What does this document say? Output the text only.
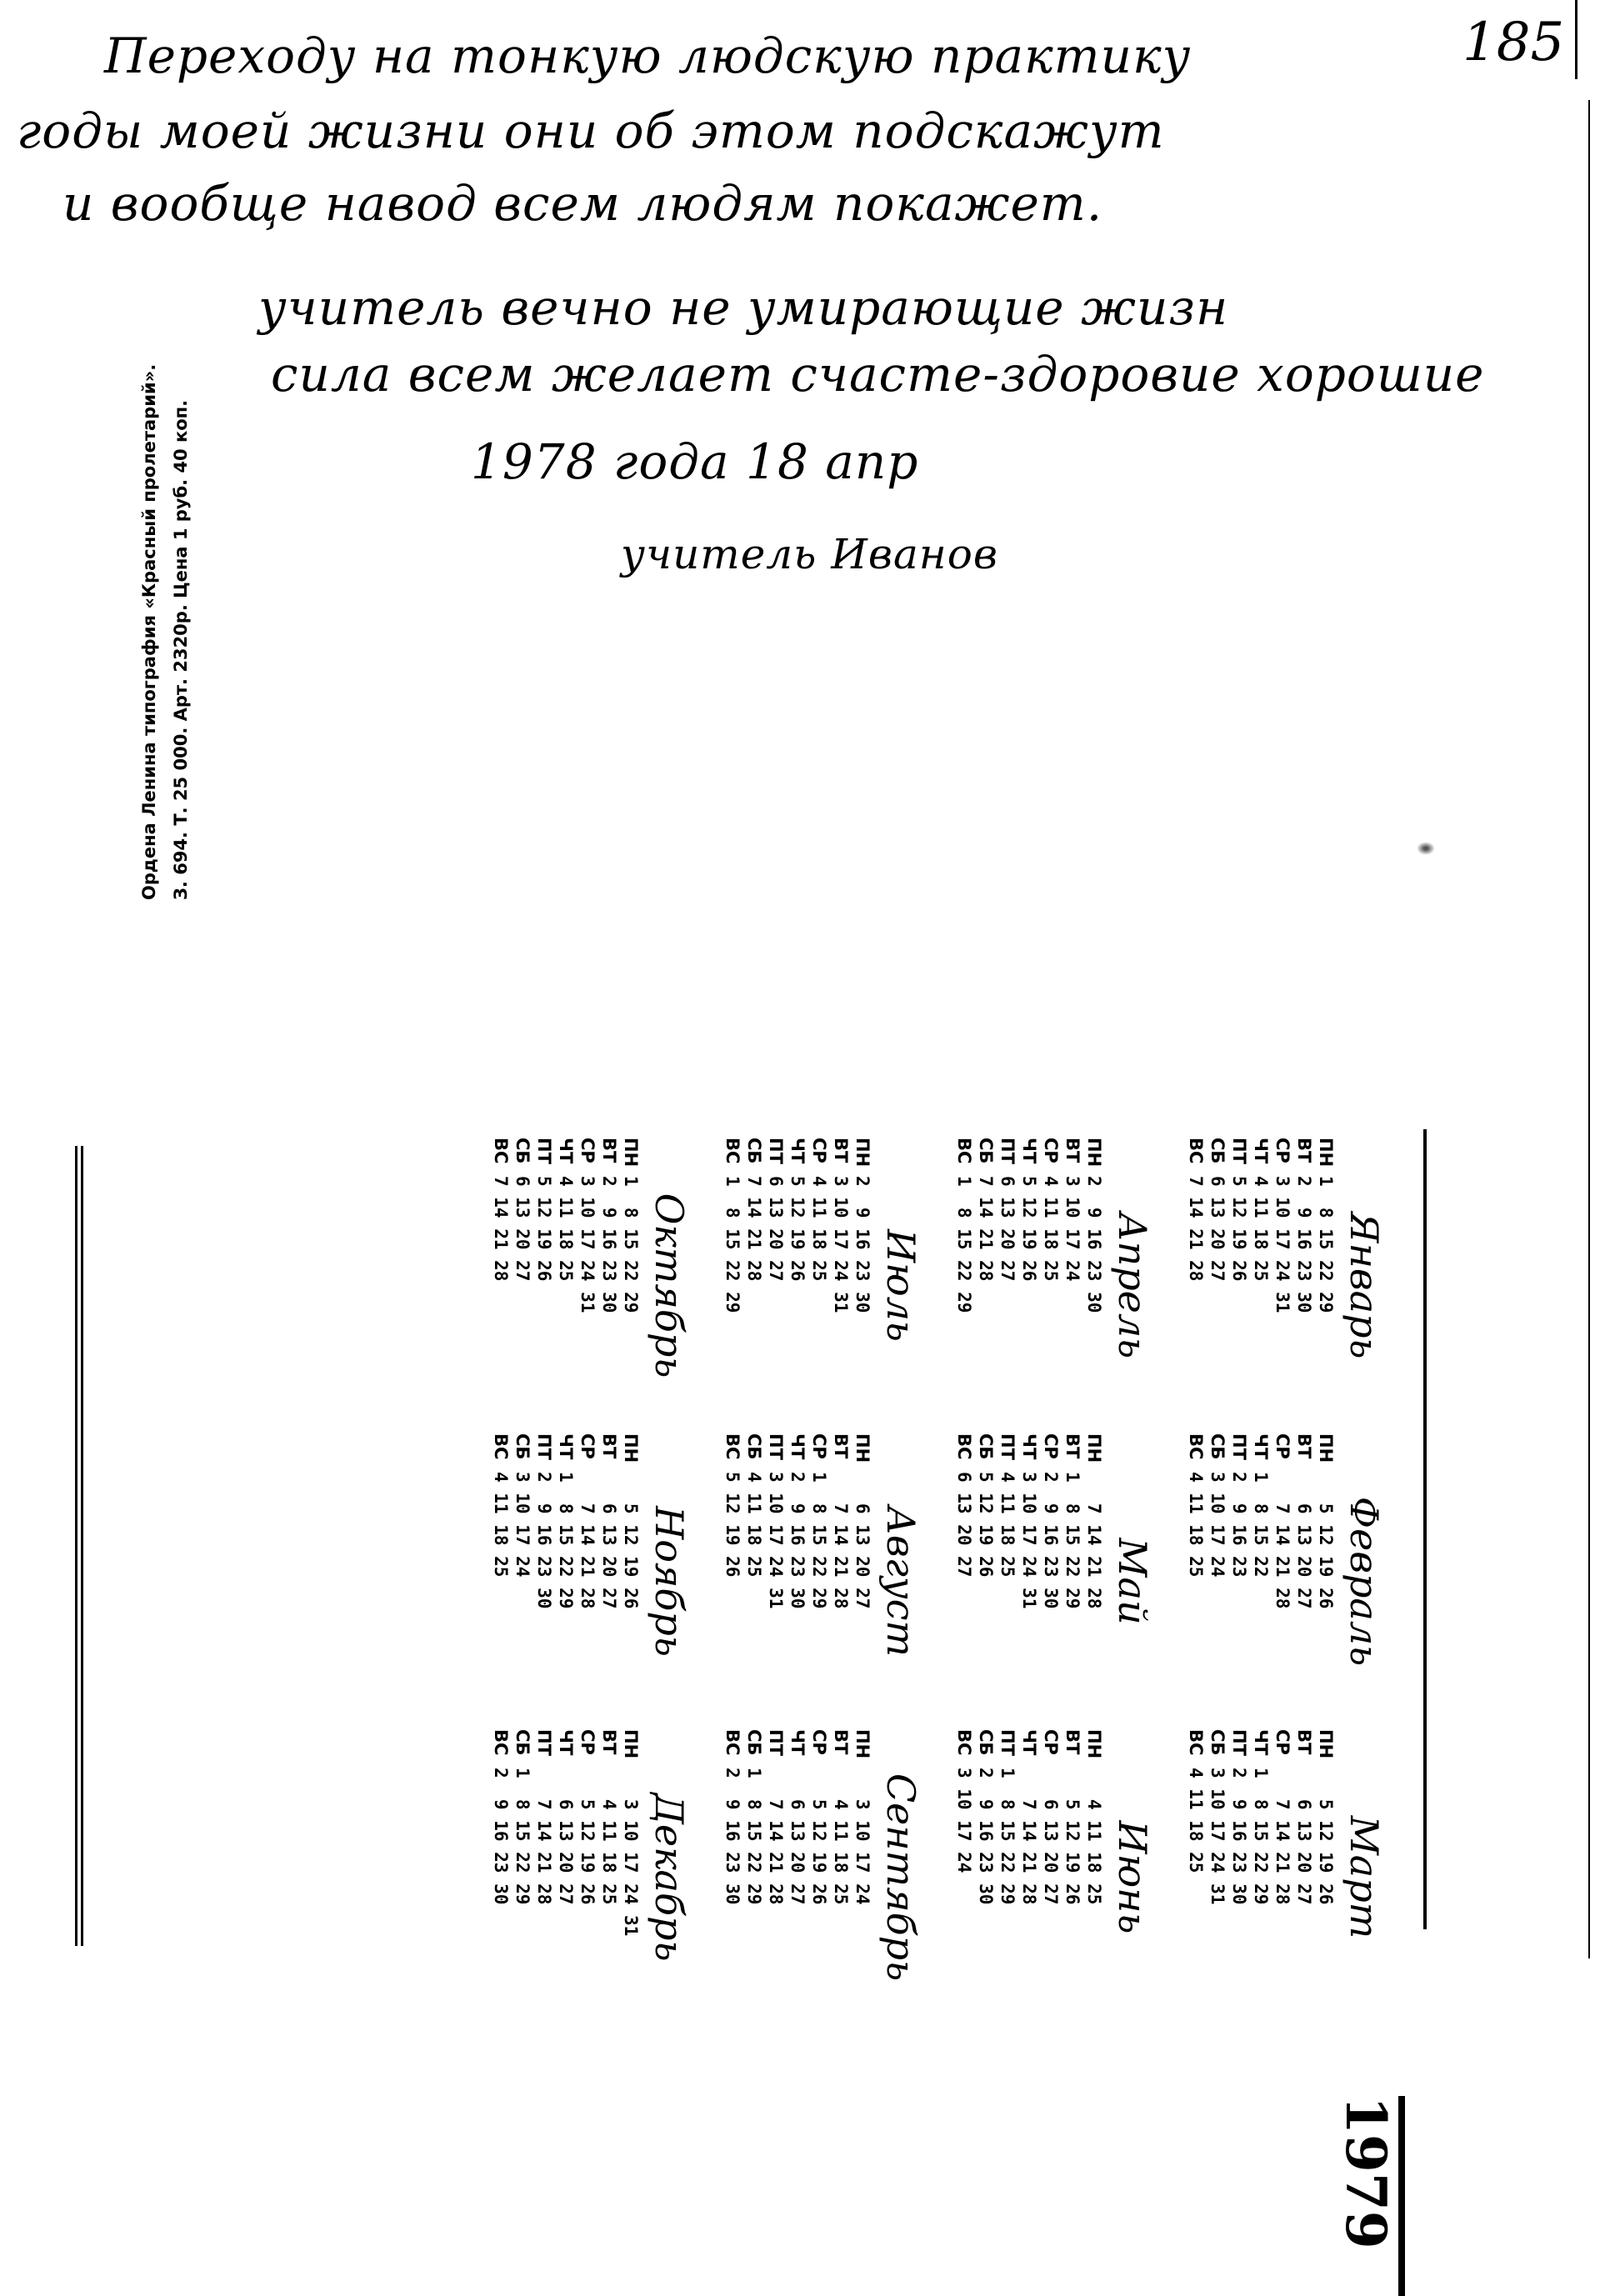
185
Переходу на тонкую людскую практику
годы моей жизни они об этом подскажут
и вообще навод всем людям покажет.
учитель вечно не умирающие жизн
сила всем желает счасте-здоровие хорошие
1978 года 18 апр
учитель Иванов
Ордена Ленина типография «Красный пролетарий». З. 694. Т. 25 000. Арт. 2320р. Цена 1 руб. 40 коп.
1979
Январь
ПН
1  8 15 22 29
ВТ
2  9 16 23 30
СР
3 10 17 24 31
ЧТ
4 11 18 25
ПТ
5 12 19 26
СБ
6 13 20 27
ВС
7 14 21 28
Февраль
ПН
5 12 19 26
ВТ
6 13 20 27
СР
7 14 21 28
ЧТ
1  8 15 22
ПТ
2  9 16 23
СБ
3 10 17 24
ВС
4 11 18 25
Март
ПН
5 12 19 26
ВТ
6 13 20 27
СР
7 14 21 28
ЧТ
1  8 15 22 29
ПТ
2  9 16 23 30
СБ
3 10 17 24 31
ВС
4 11 18 25
Апрель
ПН
2  9 16 23 30
ВТ
3 10 17 24
СР
4 11 18 25
ЧТ
5 12 19 26
ПТ
6 13 20 27
СБ
7 14 21 28
ВС
1  8 15 22 29
Май
ПН
7 14 21 28
ВТ
1  8 15 22 29
СР
2  9 16 23 30
ЧТ
3 10 17 24 31
ПТ
4 11 18 25
СБ
5 12 19 26
ВС
6 13 20 27
Июнь
ПН
4 11 18 25
ВТ
5 12 19 26
СР
6 13 20 27
ЧТ
7 14 21 28
ПТ
1  8 15 22 29
СБ
2  9 16 23 30
ВС
3 10 17 24
Июль
ПН
2  9 16 23 30
ВТ
3 10 17 24 31
СР
4 11 18 25
ЧТ
5 12 19 26
ПТ
6 13 20 27
СБ
7 14 21 28
ВС
1  8 15 22 29
Август
ПН
6 13 20 27
ВТ
7 14 21 28
СР
1  8 15 22 29
ЧТ
2  9 16 23 30
ПТ
3 10 17 24 31
СБ
4 11 18 25
ВС
5 12 19 26
Сентябрь
ПН
3 10 17 24
ВТ
4 11 18 25
СР
5 12 19 26
ЧТ
6 13 20 27
ПТ
7 14 21 28
СБ
1  8 15 22 29
ВС
2  9 16 23 30
Октябрь
ПН
1  8 15 22 29
ВТ
2  9 16 23 30
СР
3 10 17 24 31
ЧТ
4 11 18 25
ПТ
5 12 19 26
СБ
6 13 20 27
ВС
7 14 21 28
Ноябрь
ПН
5 12 19 26
ВТ
6 13 20 27
СР
7 14 21 28
ЧТ
1  8 15 22 29
ПТ
2  9 16 23 30
СБ
3 10 17 24
ВС
4 11 18 25
Декабрь
ПН
3 10 17 24 31
ВТ
4 11 18 25
СР
5 12 19 26
ЧТ
6 13 20 27
ПТ
7 14 21 28
СБ
1  8 15 22 29
ВС
2  9 16 23 30
